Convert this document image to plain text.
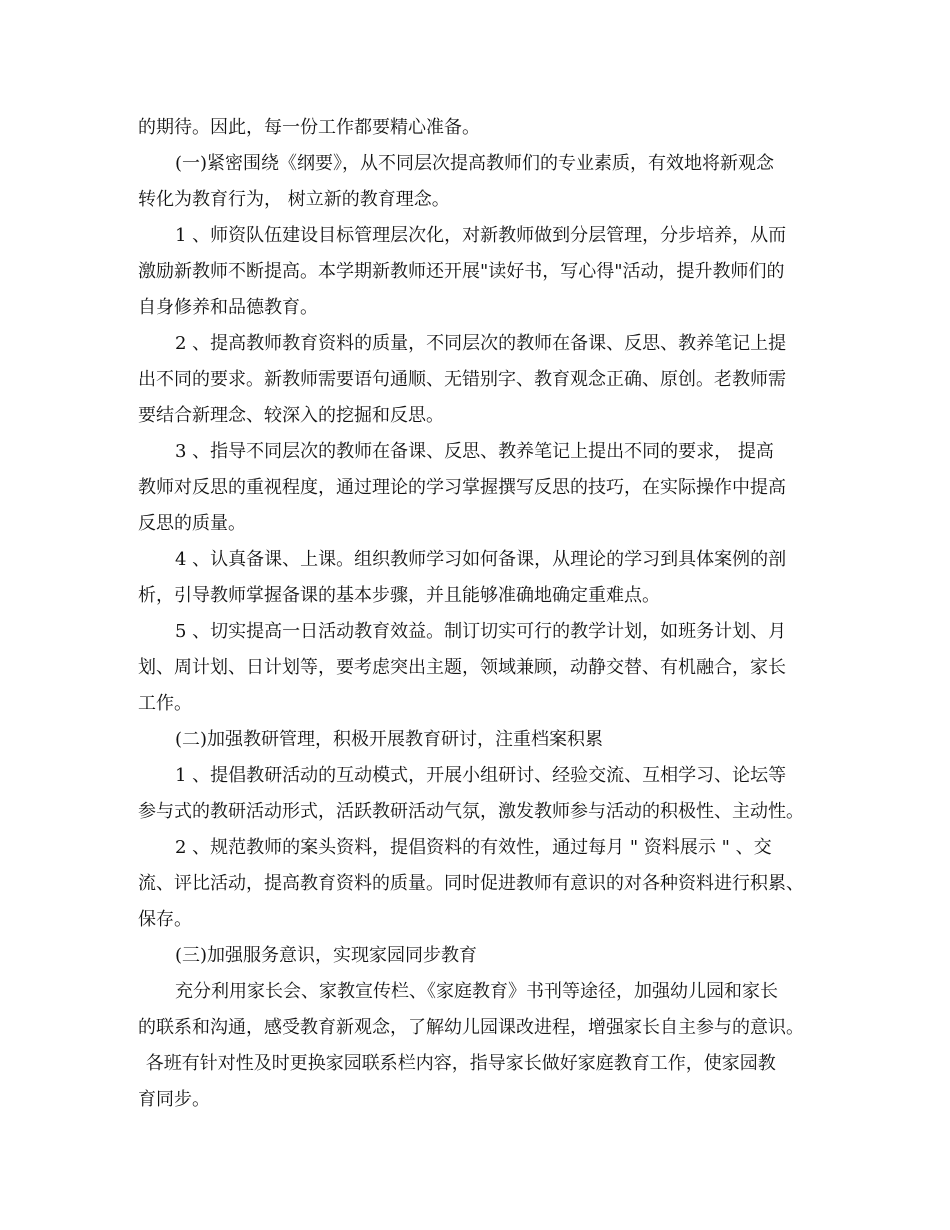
的期待。因此，每一份工作都要精心准备。

(一)紧密围绕《纲要》，从不同层次提高教师们的专业素质，有效地将新观念

转化为教育行为， 树立新的教育理念。

1 、师资队伍建设目标管理层次化，对新教师做到分层管理，分步培养，从而

激励新教师不断提高。本学期新教师还开展"读好书，写心得"活动，提升教师们的

自身修养和品德教育。

2 、提高教师教育资料的质量，不同层次的教师在备课、反思、教养笔记上提

出不同的要求。新教师需要语句通顺、无错别字、教育观念正确、原创。老教师需

要结合新理念、较深入的挖掘和反思。

3 、指导不同层次的教师在备课、反思、教养笔记上提出不同的要求， 提高

教师对反思的重视程度，通过理论的学习掌握撰写反思的技巧，在实际操作中提高

反思的质量。

4 、认真备课、上课。组织教师学习如何备课，从理论的学习到具体案例的剖

析，引导教师掌握备课的基本步骤，并且能够准确地确定重难点。

5 、切实提高一日活动教育效益。制订切实可行的教学计划，如班务计划、月

划、周计划、日计划等，要考虑突出主题，领域兼顾，动静交替、有机融合，家长

工作。

(二)加强教研管理，积极开展教育研讨，注重档案积累

1 、提倡教研活动的互动模式，开展小组研讨、经验交流、互相学习、论坛等

参与式的教研活动形式，活跃教研活动气氛，激发教师参与活动的积极性、主动性。

2 、规范教师的案头资料，提倡资料的有效性，通过每月 " 资料展示 " 、交

流、评比活动，提高教育资料的质量。同时促进教师有意识的对各种资料进行积累、

保存。

(三)加强服务意识，实现家园同步教育

充分利用家长会、家教宣传栏、《家庭教育》书刊等途径，加强幼儿园和家长

的联系和沟通，感受教育新观念，了解幼儿园课改进程，增强家长自主参与的意识。

各班有针对性及时更换家园联系栏内容，指导家长做好家庭教育工作，使家园教

育同步。
